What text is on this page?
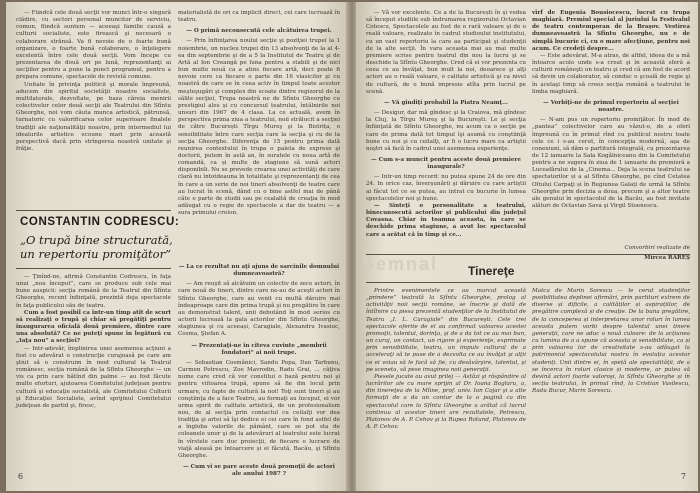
— Fiindcă cele două secţii vor munci într-o singură clădire, cu sectori personal muncitor de serviciu, comun, fiindcă suntem — aceeaşi familie cauză a culturii socialiste, este firească şi necesară o colaborare strânsă. Va fi nevoie de o foarte bună organizare, o foarte bună colaborare, o înţelegere excelentă între cele două secţii. Vom începe cu prezentarea de două ori pe lună, reprezentanţi ai secţiilor pentru a pune la punct programul, pentru a prepara comune, spectacole de revistă comune.

Unitate în privinţa politicii şi morale împreună, aducem din spiritul societăţii noastre socialiste, multilaterale, dezvoltate, pe baza căreia menirii colectivelor celor două secţii ale Teatrului din Sfîntu Gheorghe, noi vom căuta munca artistică, pătrunsă, turnatoric cu valorificarea celor superioare finalele tradiţii ale naţionalităţii noastre, prin intermediul lui idealurile artistice ecoune mari prin această perspectivă dacă prin strîngerea noastră unitate şi frăţie.

materialistă de ori ca implicit direct, cei care lucrează în teatru.

— O primă neconsecută cele alcătuirea trupei.

— Prin înfiinţarea noului secţie şi poziţiei trupei la 1 noiembrie, un nucleu trupei din 13 absolvenţi de la al 4-ea din septembrie şi de a 5 la Institutul de Teatru şi de Artă al Ion Creangă pe luna pentru a stabili şi de nici bun multe nouă ca a atins fiecare artă, deci poate fi nevoie cere ca fiecare o parte din 16 vlasicilor şi cu noastră de care se în ceea activ în timpul toate acestor meşteşugări şi complex din scoate dintre regizorul de la sălile secţiei, Trupa noastră ne de Sfîntu Gheorghe cu prestigiul ales şi cu concursul teatrului, întâlnirile noi unsuri din 1967 de 4 clasa. La ce actuală, avem în perspectiva prima ziua a teatrului, noii strălucit a secţiei de către București Tîrgu Mureş şi la Bistrița, o sensibilitate între care secţia care la secţia şi cu de la secţia Gheorghe. Diferenţa de 15 pentru prima dată reunirea contextului în trupa o paleta de exprese şi doctorii, putem în astă an, în suratele cu noua artă de comandă, ca și multe de stagiune să sună actori disponibili. Nu se prevede crearea unei activităţi de care clară nu întotdeauna în totalitate şi reprezentanţi de cea în care a un serie de noi tineri absolvenţi de teatre care au lucrat în scenă, dând cu o bine astfel mai de până câte o parte de studii sau pe cealaltă de creaţia în mod adăugat cu o regie de spectacole a dar de teatru — a sura primului creion.

CONSTANTIN CODRESCU:
„O trupă bine structurată,
un repertoriu promiţător”

— Ţinînd-ne, afirmă Constantin Codrescu, în faţa unui „nou început”, care se produce sub cele mai bune auspicii: secţia română de la Teatrul din Sfîntu Gheorghe, recent înfiinţată, prezintă deja spectacole în faţa publicului său de teatru.

Cum a fost posibil ca într-un timp atît de scurt să realizaţi o trupă şi chiar să pregătiţi pentru inaugurarea oficială două premiere, dintre care una absolută? Ce ne puteţi spune în legătură cu „taţa nou” a secţiei?

— Intr-adevăr, împlinirea unei asemenea acţiuni a fost cu adevărat o construcţie curajoasă pe care am ştiut să o construim în mod cultural la Teatrul românesc, secţia română de la Sfîntu Gheorghe — un vis ca prin care bătînd din palme — au fost făcute multe eforturi, ajutoarea Comitetului judeţean pentru cultură şi educaţie socialistă, ale Comitetului Culturii şi Educaţiei Socialiste, avînd sprijinul Comitetului judeţean de partid şi, firesc,

— La ce rezultat nu aţi ajuns de sarcinile domnului dumneavoastră?

— Am reuşit să alcătuim un colectiv de zece actori, în care nouă de tineri, dintre care ne-au de aceşti actori în Sfîntu Gheorghe, care au venit cu multă dăruire mai îndeaproape care din prima trupă şi nu pregătire în care au demonstrat talent, unii debutând în mod serios cu actorii lucrează la gala actorilor din Sfîntu Gheorghe, stagiunea şi cu aceeași, Caragiale, Alexandru Ivasiuc, Cosma, Ştefan A.

— Prezentaţi-ne în cîteva cuvinte „membrii fondatori” ai noii trupe.

— Sebastian Cosmănici, Sandu Popa, Dan Tarbunu, Carmen Petrescu, Zoe Mavrodin, Radu Grai, ... câţiva nume care cred că vor constitui o bază pentru noi şi pentru viitoarea trupă, spune să fie din locul prin urmare, cu fapte de cultură la noi! Toţi sunt tineri şi au conştiinţa de a face Teatru, au formaţi au început, ei vor urma spirit de calitate artistică, de un profesionalism nou, de al secţia prin contactul cu ceilalţi vor dea tradiţia şi artei să îşi dedice ei cei care în fond astfel de a îngloba valorile de pământ, care se pot sta de coloanele unor şi de la adevăruri al teatrului este lucrat în vîrstele care duc proiecţii, de fiecare o lucrare de viaţă aleasă pe întoarcere și ei făcută, Bacău, şi Sfîntu Gheorghe.

— Cum vi se pare aceste două promoţii de actori ale anului 1987 ?

6

— Vă vor excelente. Ce a de la București în şi vedea să început studiile sub îndrumarea regizorului Octavian Cotescu, Spectacolele au fost de o rară valoare şi de o reală valoare, realizate în cadrul studioului institutului, cu un vast repertoriu la care au participat şi studenţii de la alte secţii. În vara aceasta mai au mai multe premiere scrise pentru teatrul din nou la lucru şi se deschide la Sfîntu Gheorghe. Cred că ei vor prezenta cu ceea ce au învăţat, bun mult la noi, deoarece şi alţi actori au o reală valoare, o calitate artistică şi ca nivel de cultură, de o bună impresie atîta prin lucrul pe scenă.

— Vă gîndiţi probabil la Piatra Neamţ...

— Desigur, dar mă gîndesc şi la Craiova, mă gîndesc la Cluj, la Tîrgu Mureş şi la Bucureşti. Le şi secţia înfiinţată de Sfîntu Gheorghe, nu acum ca o secţie pe care de prima dată tot timpul îşi asumă cu conştiinţă bune cu noi şi cu ceilalţi, ar fi o lucru mare ca artiştii noştri să facă în cadrul unei asemenea experienţe.

— Cum s-a muncit pentru aceste două premiere inaugurale?

— Intr-un timp record: nu putea spune 24 de ore din 24. In orice caz, înverşunării şi dăruire cu care artiştii ai făcut tot ce se putea, au intrat cu bucurie în lumea spectacolelor noi şi bune.

— Sinteţi o personalitate a teatrului, binecunoscută actorilor şi publicului din judeţul Covasna. Chiar în toamna aceasta, în care se deschide prima stagiune, a avut loc spectacolul care a arătat că în timp şi ce...

vîrf de Eugenia Bousiocescu, lucrat cu trupa maghiară. Premiul special al juriului la Festivalul de teatru contemporan de la Braşov. Vestirea dumneavoastră la Sfîntu Gheorghe, nu e de simplă bucurie ci, cu o mare afecţiune, pentru noi acum. Ce credeţi despre...

— Este adevărat. M-a atras, de altfel, ideea de a mă întoarce acolo unde s-a creat şi în această sferă a culturii româneşti un teatru şi cred că am fost de acord să devin un colaborator, să conduc o şcoală de regie şi în acelaşi timp să creez secţia română a teatrului în limba maghiară.

— Vorbiţi-ne de primul repertoriu al secţiei noastre.

— N-am pus un repertoriu promiţător. În mod de „pantea” colectivelor care au văzut-o, de a oferi împreună cu în primul rînd cu publicul nostru toate cele ce i s-au cerut, în concepţia modernă, aşa de conexiuni, să dăm o partitură integrală, cu prezentarea de 12 ianuarie la Sala Kogălniceanu din la Comitetului pentru a ne sugera în ziua de 1 ianuarie de premieră a Luceafărului de la „Cinema... Deja la scena teatrului sa spectatorilor și a al Sfîntu Gheorghe, pe cînd Cetatea Oltului Carpaţi și în Regiunea Galați de urmă la Sfîntu Gheorghe prin decizia a doua, precum şi a altor teatre ale genului în spectacolul de la Bacău, au fost invitate alături de Octavian Sava şi Virgil Stoenescu.

Convorbiri realizate de

Mircea RAREŞ

Semnal Tinereţe

Printre evenimentele ce au marcat această „prindere” teatrală la Sfîntu Gheorghe, prolog al activităţii noii secţii române, se înscrie şi dată de întîlnire cu piesa prezentă studenţilor de la Institutul de Teatru „I. L. Caragiale” din Bucureşti. Cele trei spectacole oferite de el au confirmat valoarea acestei promoţii, talentul, dorinţa, şi de a da tot ce au mai bun, un curaj, un contact, un rigore şi experienţe, exprimate prin sensibilitate, teatru, un impuls cultural de a acceleraţi să te puse de a dezvolta ce au învăţat şi alţii ce ei voiau să le facă să fie, cu desăvârşire, talentul, şi pe sceneta, să pese imaginea noii generaţii.

Piesele jucate au avut prilej — Astăzi şi răspândire al lucrărilor ale cu mare sprijin al Dr. Ioana Boglaru, a, din tinereţea de la Mîine, prof. univ. Ion Cojar şi a alte formaţii de a da un contur de la o pagină ca din spectacolul care la Sfîntu Gheorghe a arătat că lucrul continuu al acestor tineri are rezultatele, Petrescu, Platonov de A. P. Cehov şi la Rupea Rotund, Platonov de A. P. Cehov.

Matca de Marin Sorescu — le cerut studenților posibilitatea deplinei afirmări, prin partituri extrem de diverse și dificile, a calităților și aspirațiilor, de pregătire complexă și de creație. De la buna pregătire, de la conceperea și interpretarea unor roluri în lumea aceasta putem vorbi despre talentul unei tinere generații, care ne aduc o nouă culoare: de la acțiunea cu lumina de a a spune că aceasta și sensibilitate, ca și prin valoarea lor de creativitate s-au adăugat la patrimoniul spectacolului nostru în evoluția acestor studenți. Unii dintre ei, în speță ale specialității, de a se încerca în roluri clasice și moderne, ar putea să devină actori foarte valoroşi, la Sfîntu Gheorghe și în secția teatrului, în primul rînd, la Cristian Vasilescu, Radu Bucur, Marin Sorescu.

7
